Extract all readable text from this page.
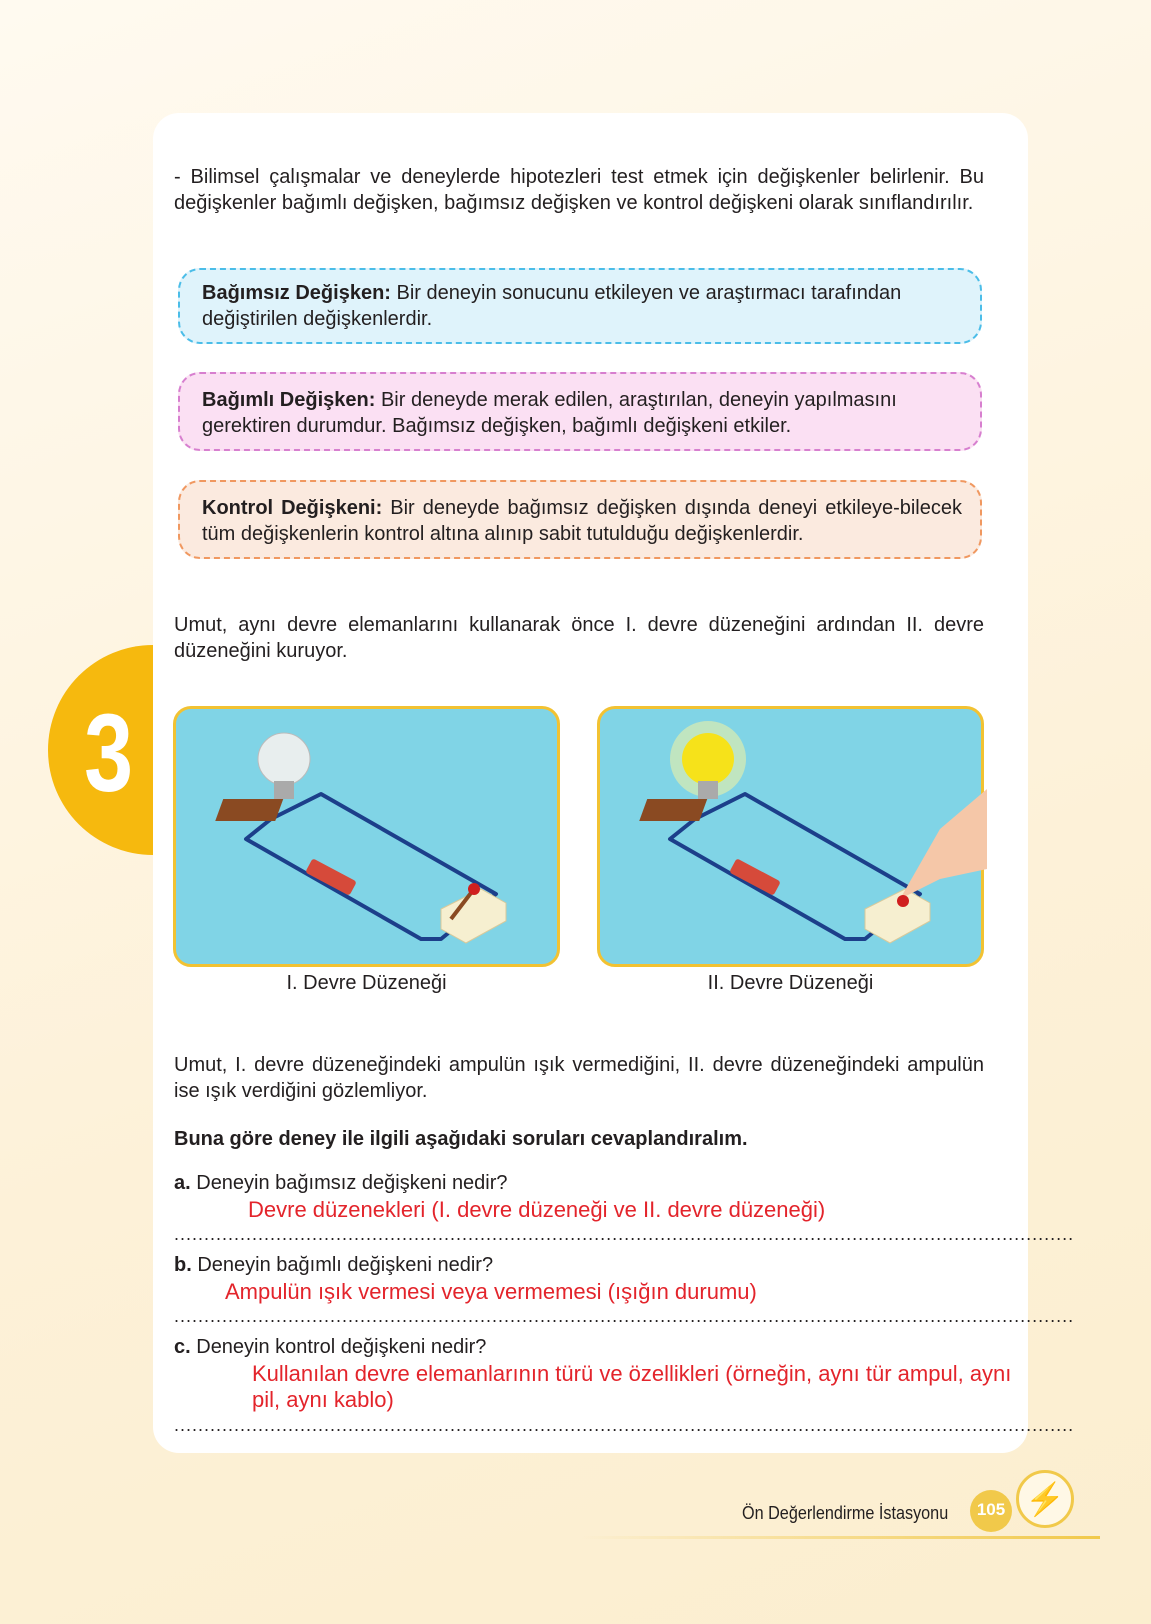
3

- Bilimsel çalışmalar ve deneylerde hipotezleri test etmek için değişkenler belirlenir. Bu değişkenler bağımlı değişken, bağımsız değişken ve kontrol değişkeni olarak sınıflandırılır.

Bağımsız Değişken: Bir deneyin sonucunu etkileyen ve araştırmacı tarafından değiştirilen değişkenlerdir.
Bağımlı Değişken: Bir deneyde merak edilen, araştırılan, deneyin yapılmasını gerektiren durumdur. Bağımsız değişken, bağımlı değişkeni etkiler.
Kontrol Değişkeni: Bir deneyde bağımsız değişken dışında deneyi etkileye-bilecek tüm değişkenlerin kontrol altına alınıp sabit tutulduğu değişkenlerdir.

Umut, aynı devre elemanlarını kullanarak önce I. devre düzeneğini ardından II. devre düzeneğini kuruyor.

I. Devre Düzeneği	II. Devre Düzeneği

Umut, I. devre düzeneğindeki ampulün ışık vermediğini, II. devre düzeneğindeki ampulün ise ışık verdiğini gözlemliyor.

Buna göre deney ile ilgili aşağıdaki soruları cevaplandıralım.

a. Deneyin bağımsız değişkeni nedir?

Devre düzenekleri (I. devre düzeneği ve II. devre düzeneği)
......................................................................................................................................................

b. Deneyin bağımlı değişkeni nedir?

Ampulün ışık vermesi veya vermemesi (ışığın durumu)
......................................................................................................................................................

c. Deneyin kontrol değişkeni nedir?

Kullanılan devre elemanlarının türü ve özellikleri (örneğin, aynı tür ampul, aynı pil, aynı kablo)
......................................................................................................................................................
Ön Değerlendirme İstasyonu	105 ⚡
